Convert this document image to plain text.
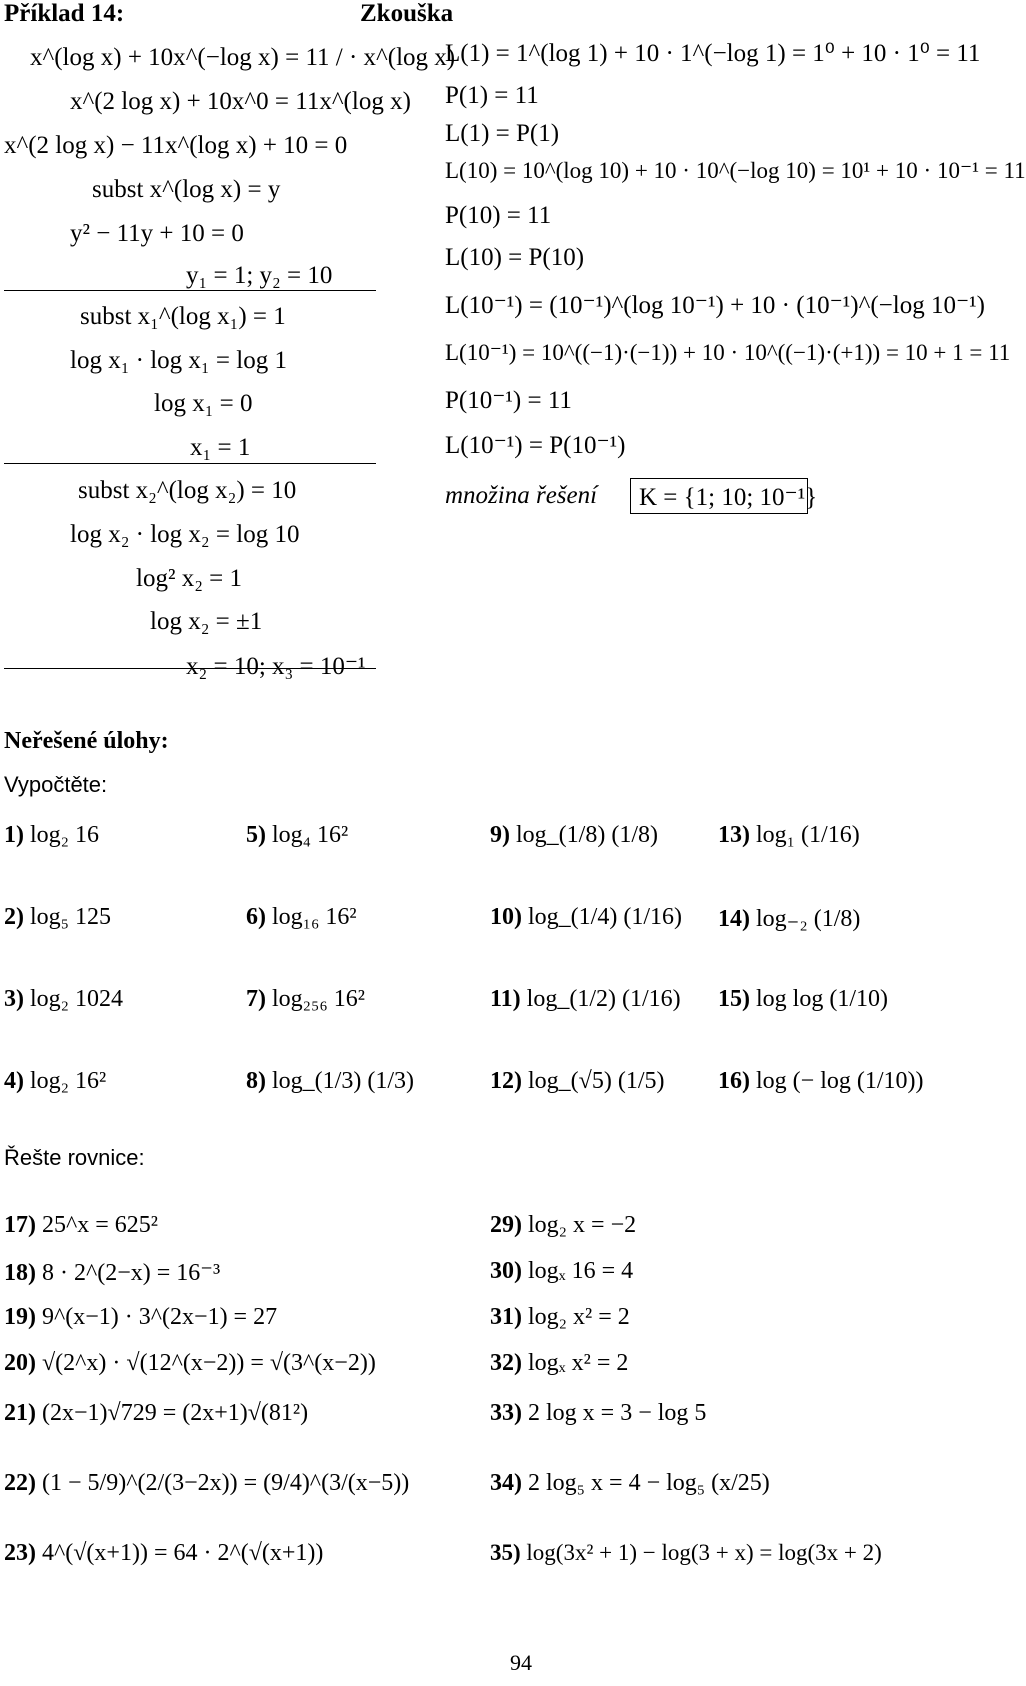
Příklad 14:
x^(log x) + 10x^(−log x) = 11 / · x^(log x)
x^(2 log x) + 10x^0 = 11x^(log x)
x^(2 log x) − 11x^(log x) + 10 = 0
subst x^(log x) = y
y² − 11y + 10 = 0
y₁ = 1; y₂ = 10
subst x₁^(log x₁) = 1
log x₁ · log x₁ = log 1
log x₁ = 0
x₁ = 1
subst x₂^(log x₂) = 10
log x₂ · log x₂ = log 10
log² x₂ = 1
log x₂ = ±1
x₂ = 10; x₃ = 10⁻¹
Zkouška
L(1) = 1^(log 1) + 10 · 1^(−log 1) = 1⁰ + 10 · 1⁰ = 11
P(1) = 11
L(1) = P(1)
L(10) = 10^(log 10) + 10 · 10^(−log 10) = 10¹ + 10 · 10⁻¹ = 11
P(10) = 11
L(10) = P(10)
L(10⁻¹) = (10⁻¹)^(log 10⁻¹) + 10 · (10⁻¹)^(−log 10⁻¹)
L(10⁻¹) = 10^((−1)·(−1)) + 10 · 10^((−1)·(+1)) = 10 + 1 = 11
P(10⁻¹) = 11
L(10⁻¹) = P(10⁻¹)
množina řešení K = {1; 10; 10⁻¹}
Neřešené úlohy:
Vypočtěte:
1) log₂ 16
2) log₅ 125
3) log₂ 1024
4) log₂ 16²
5) log₄ 16²
6) log₁₆ 16²
7) log₂₅₆ 16²
8) log_(1/3) (1/3)
9) log_(1/8) (1/8)
10) log_(1/4) (1/16)
11) log_(1/2) (1/16)
12) log_(√5) (1/5)
13) log₁ (1/16)
14) log₋₂ (1/8)
15) log log (1/10)
16) log (− log (1/10))
Řešte rovnice:
17) 25^x = 625²
18) 8 · 2^(2−x) = 16⁻³
19) 9^(x−1) · 3^(2x−1) = 27
20) √(2^x) · √(12^(x−2)) = √(3^(x−2))
21) (2x−1)√729 = (2x+1)√(81²)
22) (1 − 5/9)^(2/(3−2x)) = (9/4)^(3/(x−5))
23) 4^(√(x+1)) = 64 · 2^(√(x+1))
29) log₂ x = −2
30) logₓ 16 = 4
31) log₂ x² = 2
32) logₓ x² = 2
33) 2 log x = 3 − log 5
34) 2 log₅ x = 4 − log₅ (x/25)
35) log(3x² + 1) − log(3 + x) = log(3x + 2)
94
